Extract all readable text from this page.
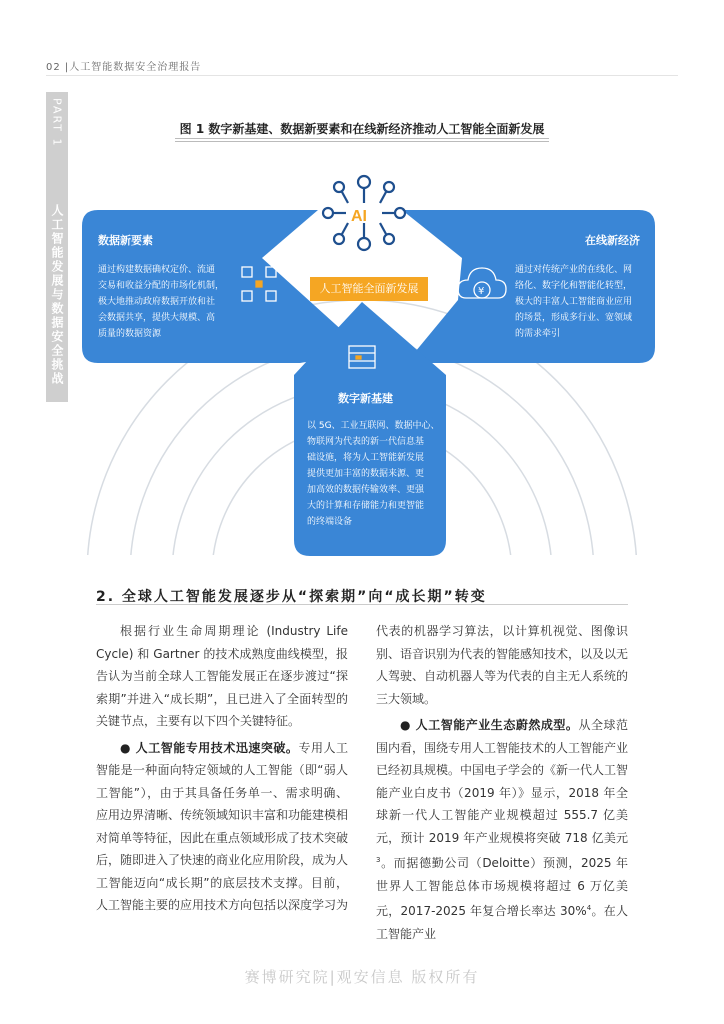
02 |人工智能数据安全治理报告
PART 1
人工智能发展与数据安全挑战
图 1 数字新基建、数据新要素和在线新经济推动人工智能全面新发展
¥
AI
数据新要素
通过构建数据确权定价、流通
交易和收益分配的市场化机制，
极大地推动政府数据开放和社
会数据共享，提供大规模、高
质量的数据资源
在线新经济
通过对传统产业的在线化、网
络化、数字化和智能化转型，
极大的丰富人工智能商业应用
的场景，形成多行业、宽领域
的需求牵引
数字新基建
以 5G、工业互联网、数据中心、
物联网为代表的新一代信息基
础设施，将为人工智能新发展
提供更加丰富的数据来源、更
加高效的数据传输效率、更强
大的计算和存储能力和更智能
的终端设备
人工智能全面新发展
2. 全球人工智能发展逐步从“探索期”向“成长期”转变

根据行业生命周期理论 (Industry Life Cycle) 和 Gartner 的技术成熟度曲线模型，报告认为当前全球人工智能发展正在逐步渡过“探索期”并进入“成长期”，且已进入了全面转型的关键节点，主要有以下四个关键特征。

● 人工智能专用技术迅速突破。专用人工智能是一种面向特定领域的人工智能（即“弱人工智能”），由于其具备任务单一、需求明确、应用边界清晰、传统领域知识丰富和功能建模相对简单等特征，因此在重点领域形成了技术突破后，随即进入了快速的商业化应用阶段，成为人工智能迈向“成长期”的底层技术支撑。目前，人工智能主要的应用技术方向包括以深度学习为

代表的机器学习算法，以计算机视觉、图像识别、语音识别为代表的智能感知技术，以及以无人驾驶、自动机器人等为代表的自主无人系统的三大领域。

● 人工智能产业生态蔚然成型。从全球范围内看，围绕专用人工智能技术的人工智能产业已经初具规模。中国电子学会的《新一代人工智能产业白皮书（2019 年）》显示，2018 年全球新一代人工智能产业规模超过 555.7 亿美元，预计 2019 年产业规模将突破 718 亿美元$^3$。而据德勤公司（Deloitte）预测，2025 年世界人工智能总体市场规模将超过 6 万亿美元，2017-2025 年复合增长率达 30%$^4$。在人工智能产业

赛博研究院|观安信息 版权所有
